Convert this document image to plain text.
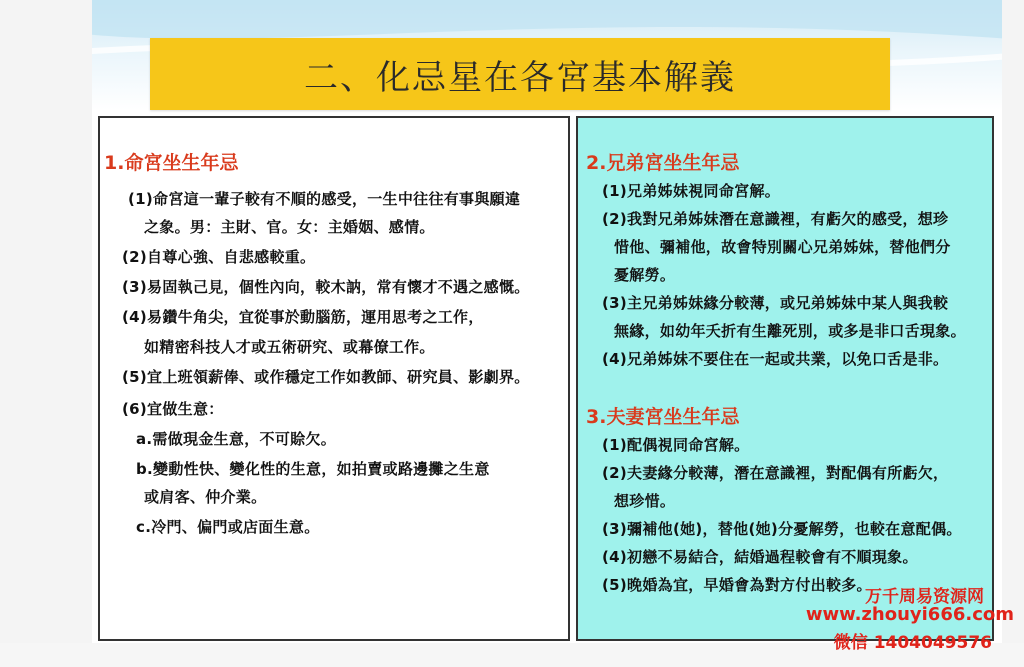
二、化忌星在各宮基本解義
1.命宮坐生年忌
(1)命宮這一輩子較有不順的感受，一生中往往有事與願違
之象。男：主財、官。女：主婚姻、感情。
(2)自尊心強、自悲感較重。
(3)易固執己見，個性內向，較木訥，常有懷才不遇之感慨。
(4)易鑽牛角尖，宜從事於動腦筋，運用思考之工作，
如精密科技人才或五術研究、或幕僚工作。
(5)宜上班領薪俸、或作穩定工作如教師、研究員、影劇界。
(6)宜做生意：
a.需做現金生意，不可賒欠。
b.變動性快、變化性的生意，如拍賣或路邊攤之生意
或肩客、仲介業。
c.冷門、偏門或店面生意。
2.兄弟宮坐生年忌
(1)兄弟姊妹視同命宮解。
(2)我對兄弟姊妹潛在意識裡，有虧欠的感受，想珍
惜他、彌補他，故會特別關心兄弟姊妹，替他們分
憂解勞。
(3)主兄弟姊妹緣分較薄，或兄弟姊妹中某人與我較
無緣，如幼年夭折有生離死別，或多是非口舌現象。
(4)兄弟姊妹不要住在一起或共業，以免口舌是非。
3.夫妻宮坐生年忌
(1)配偶視同命宮解。
(2)夫妻緣分較薄，潛在意識裡，對配偶有所虧欠，
想珍惜。
(3)彌補他(她)，替他(她)分憂解勞，也較在意配偶。
(4)初戀不易結合，結婚過程較會有不順現象。
(5)晚婚為宜，早婚會為對方付出較多。
万千周易资源网
www.zhouyi666.com
微信 1404049576
